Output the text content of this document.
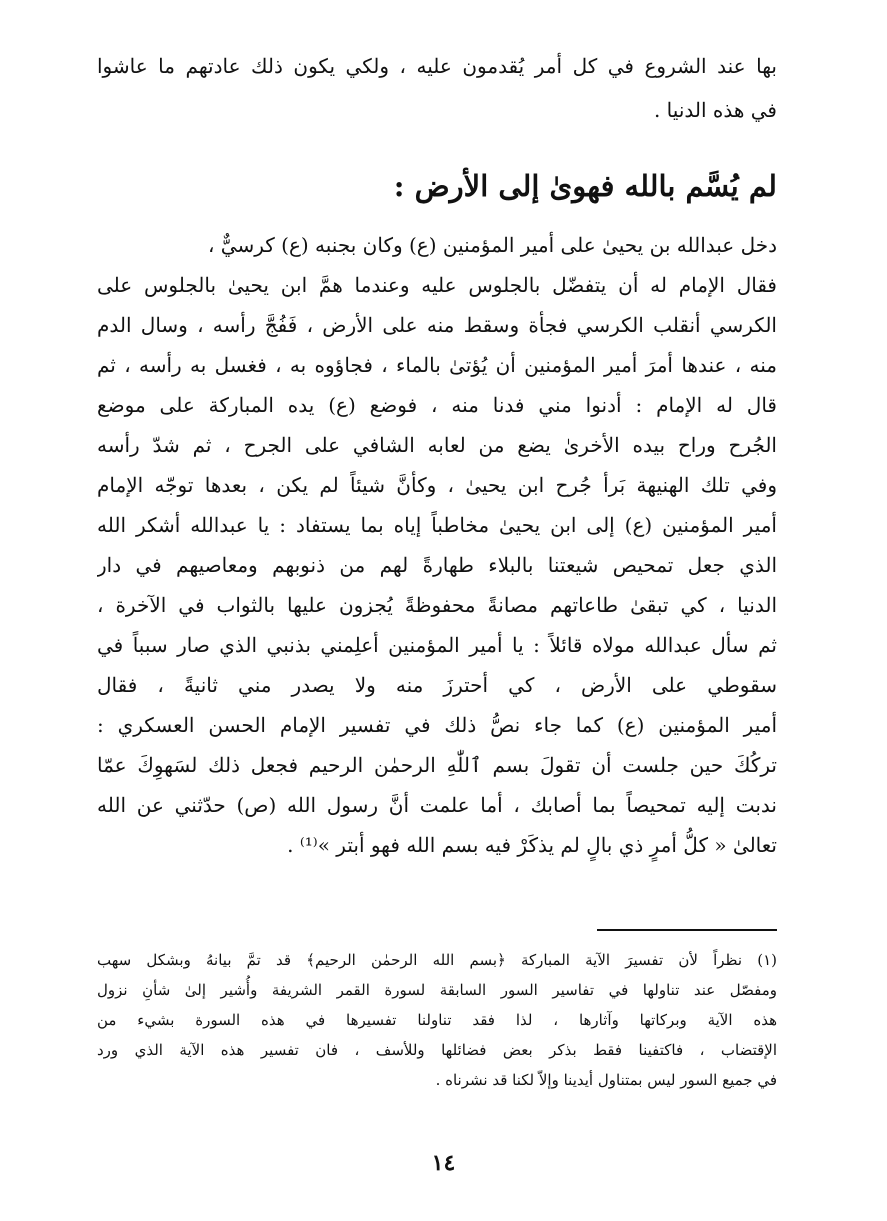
بها عند الشروع في كل أمر يُقدمون عليه ، ولكي يكون ذلك عادتهم ما عاشوا
في هذه الدنيا .
لم يُسَّم بالله فهوىٰ إلى الأرض :
دخل عبدالله بن يحيىٰ على أمير المؤمنين (ع) وكان بجنبه (ع) كرسيٌّ ،
فقال الإمام له أن يتفضّل بالجلوس عليه وعندما همَّ ابن يحيىٰ بالجلوس على
الكرسي أنقلب الكرسي فجأة وسقط منه على الأرض ، فَفُجَّ رأسه ، وسال الدم
منه ، عندها أمرَ أمير المؤمنين أن يُؤتىٰ بالماء ، فجاؤوه به ، فغسل به رأسه ، ثم
قال له الإمام : أدنوا مني فدنا منه ، فوضع (ع) يده المباركة على موضع
الجُرح وراح بيده الأخرىٰ يضع من لعابه الشافي على الجرح ، ثم شدّ رأسه
وفي تلك الهنيهة بَرأ جُرح ابن يحيىٰ ، وكأنَّ شيئاً لم يكن ، بعدها توجّه الإمام
أمير المؤمنين (ع) إلى ابن يحيىٰ مخاطباً إياه بما يستفاد : يا عبدالله أشكر الله
الذي جعل تمحيص شيعتنا بالبلاء طهارةً لهم من ذنوبهم ومعاصيهم في دار
الدنيا ، كي تبقىٰ طاعاتهم مصانةً محفوظةً يُجزون عليها بالثواب في الآخرة ،
ثم سأل عبدالله مولاه قائلاً : يا أمير المؤمنين أعلِمني بذنبي الذي صار سبباً في
سقوطي على الأرض ، كي أحترزَ منه ولا يصدر مني ثانيةً ، فقال
أمير المؤمنين (ع) كما جاء نصُّ ذلك في تفسير الإمام الحسن العسكري :
تركُكَ حين جلست أن تقولَ بسم ٱللّٰهِ الرحمٰن الرحيم فجعل ذلك لسَهوِكَ عمّا
ندبت إليه تمحيصاً بما أصابك ، أما علمت أنَّ رسول الله (ص) حدّثني عن الله
تعالىٰ « كلُّ أمرٍ ذي بالٍ لم يذكَرْ فيه بسم الله فهو أبتر »⁽¹⁾ .
(١) نظراً لأن تفسيرَ الآية المباركة ﴿بسم الله الرحمٰن الرحيم﴾ قد تمَّ بيانهُ وبشكل سهب
ومفصّل عند تناولها في تفاسير السور السابقة لسورة القمر الشريفة وأُشير إلىٰ شأنِ نزول
هذه الآية وبركاتها وآثارها ، لذا فقد تناولنا تفسيرها في هذه السورة بشيء من
الإقتضاب ، فاكتفينا فقط بذكر بعض فضائلها وللأسف ، فان تفسير هذه الآية الذي ورد
في جميع السور ليس بمتناول أيدينا وإلاّ لكنا قد نشرناه .
١٤
